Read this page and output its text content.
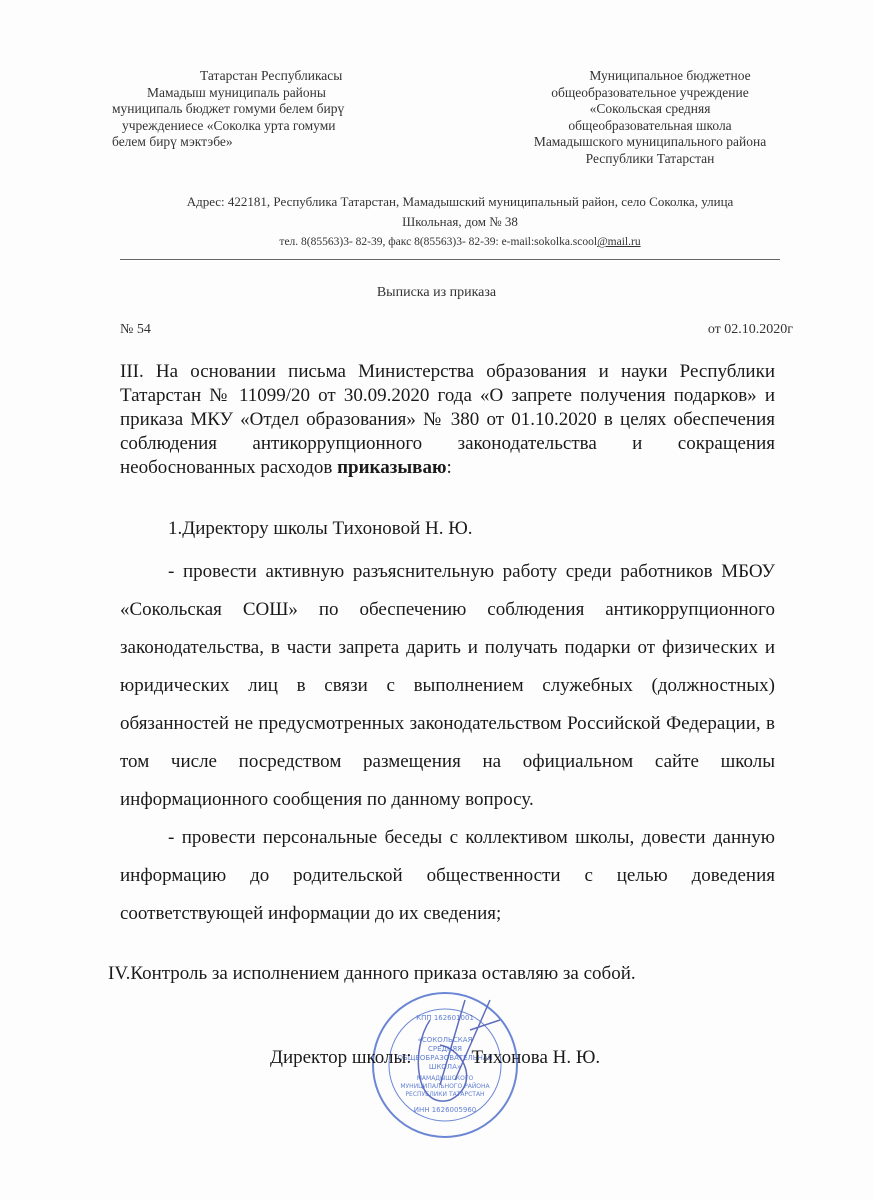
Татарстан Республикасы
Мамадыш муниципаль районы
муниципаль бюджет гомуми белем бирү
учреждениесе «Соколка урта гомуми
белем бирү мэктэбе»
Муниципальное бюджетное
общеобразовательное учреждение
«Сокольская средняя
общеобразовательная школа
Мамадышского муниципального района
Республики Татарстан
Адрес: 422181, Республика Татарстан, Мамадышский муниципальный район, село Соколка, улица
Школьная, дом № 38
тел. 8(85563)3- 82-39, факс 8(85563)3- 82-39: e-mail:sokolka.scool@mail.ru
Выписка из приказа
№ 54	от 02.10.2020г
III. На основании письма Министерства образования и науки Республики Татарстан № 11099/20 от 30.09.2020 года «О запрете получения подарков» и приказа МКУ «Отдел образования» № 380 от 01.10.2020 в целях обеспечения соблюдения антикоррупционного законодательства и сокращения необоснованных расходов приказываю:
1.Директору школы Тихоновой Н. Ю.
- провести активную разъяснительную работу среди работников МБОУ «Сокольская СОШ» по обеспечению соблюдения антикоррупционного законодательства, в части запрета дарить и получать подарки от физических и юридических лиц в связи с выполнением служебных (должностных) обязанностей не предусмотренных законодательством Российской Федерации, в том числе посредством размещения на официальном сайте школы информационного сообщения по данному вопросу.
- провести персональные беседы с коллективом школы, довести данную информацию до родительской общественности с целью доведения соответствующей информации до их сведения;
IV.Контроль за исполнением данного приказа оставляю за собой.
КПП 162601001
«СОКОЛЬСКАЯ
СРЕДНЯЯ
ОБЩЕОБРАЗОВАТЕЛЬНАЯ
ШКОЛА»
МАМАДЫШСКОГО
МУНИЦИПАЛЬНОГО РАЙОНА
РЕСПУБЛИКИ ТАТАРСТАН
ИНН 1626005960
Директор школы:	Тихонова Н. Ю.
